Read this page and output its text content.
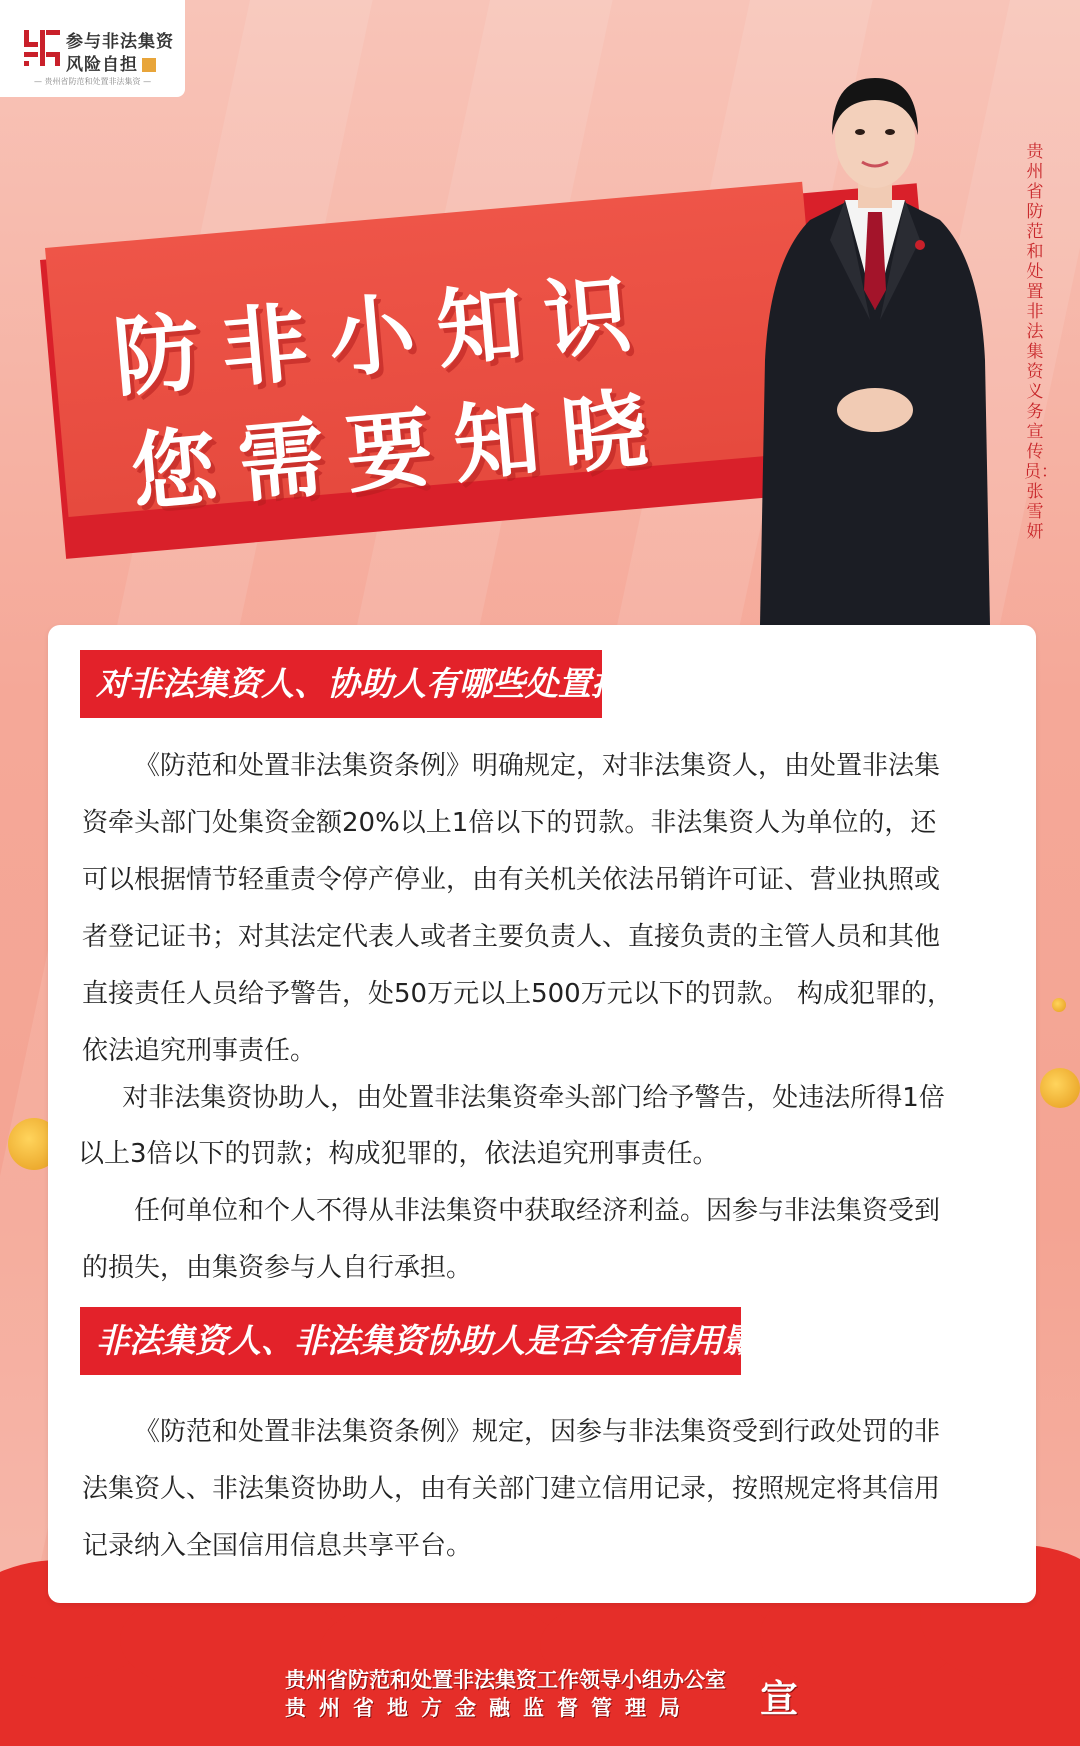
参与非法集资
风险自担
— 贵州省防范和处置非法集资 —
防非小知识
您需要知晓
贵州省防范和处置非法集资义务宣传员：张雪妍
对非法集资人、协助人有哪些处置措施？

《防范和处置非法集资条例》明确规定，对非法集资人，由处置非法集资牵头部门处集资金额20%以上1倍以下的罚款。非法集资人为单位的，还可以根据情节轻重责令停产停业，由有关机关依法吊销许可证、营业执照或者登记证书；对其法定代表人或者主要负责人、直接负责的主管人员和其他直接责任人员给予警告，处50万元以上500万元以下的罚款。 构成犯罪的，依法追究刑事责任。

对非法集资协助人，由处置非法集资牵头部门给予警告，处违法所得1倍以上3倍以下的罚款；构成犯罪的，依法追究刑事责任。

任何单位和个人不得从非法集资中获取经济利益。因参与非法集资受到的损失，由集资参与人自行承担。

非法集资人、非法集资协助人是否会有信用影响？

《防范和处置非法集资条例》规定，因参与非法集资受到行政处罚的非法集资人、非法集资协助人，由有关部门建立信用记录，按照规定将其信用记录纳入全国信用信息共享平台。

贵州省防范和处置非法集资工作领导小组办公室
贵州省地方金融监督管理局 宣
